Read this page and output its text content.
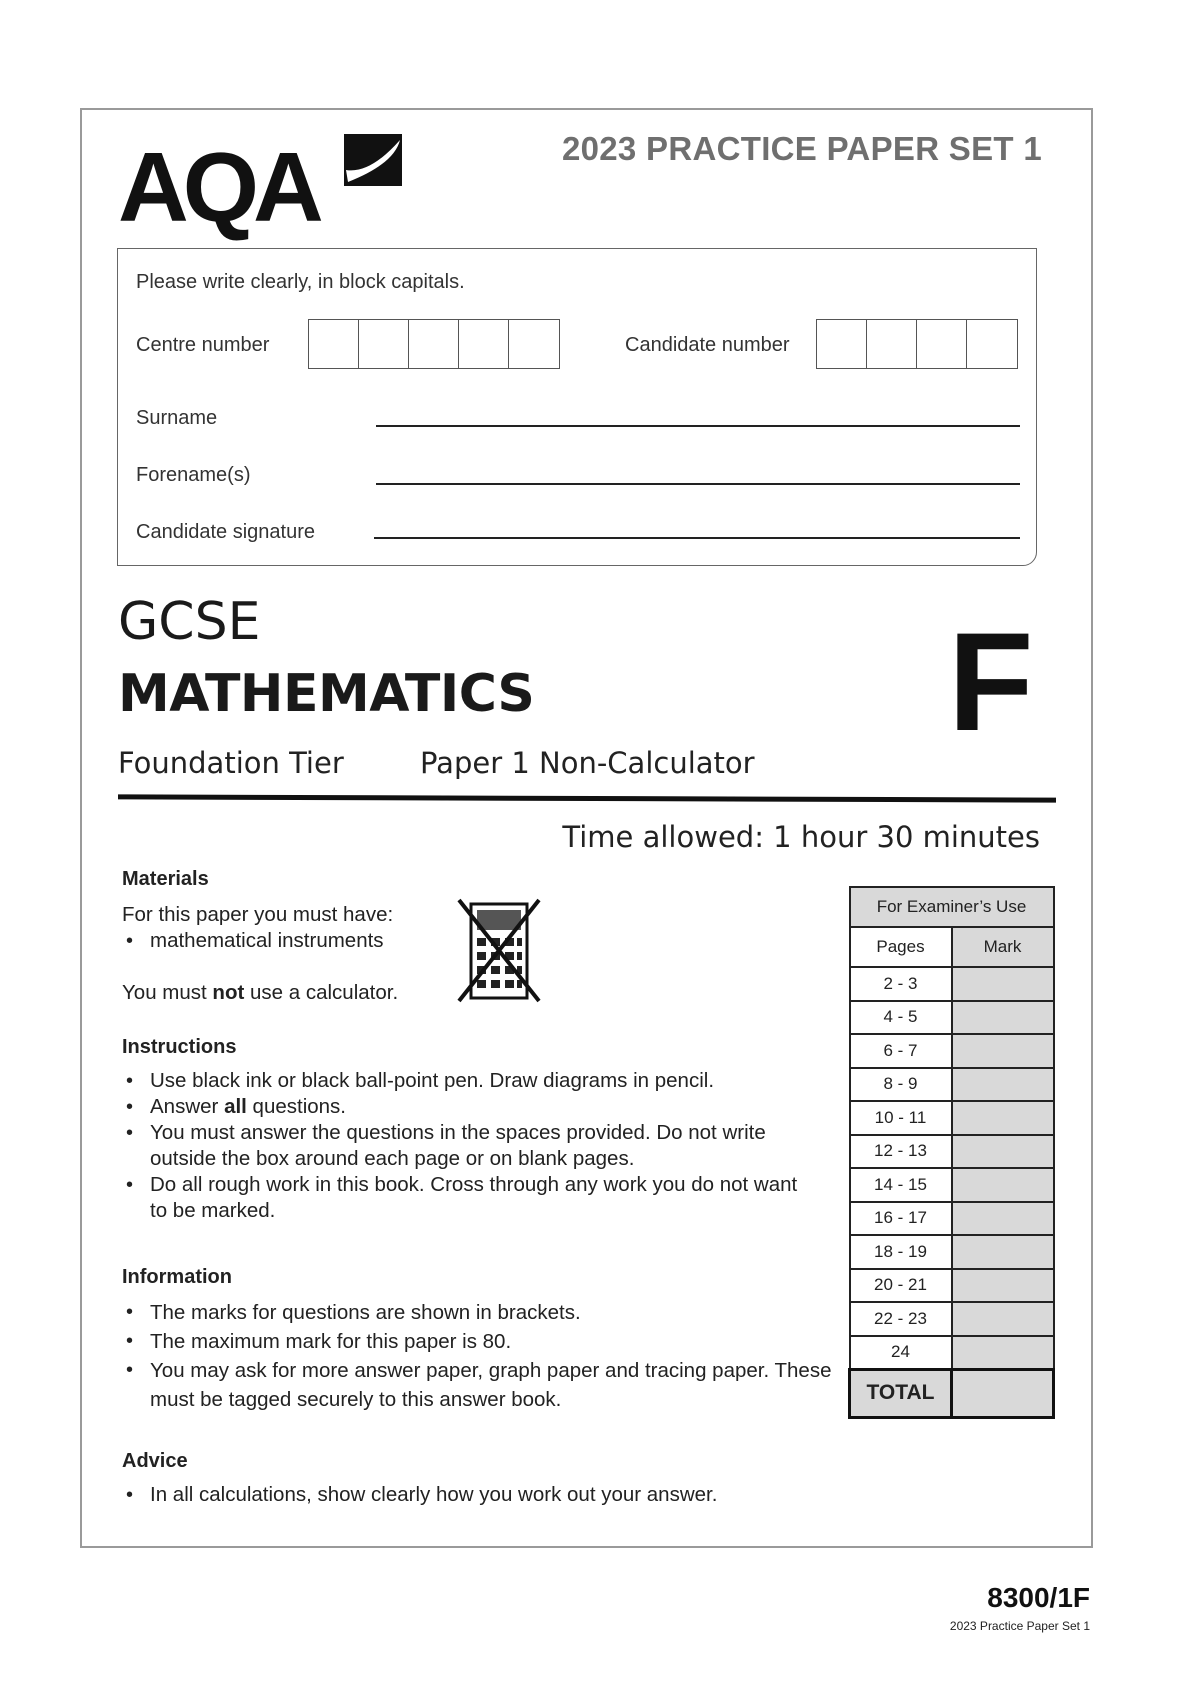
AQA	2023 PRACTICE PAPER SET 1
Please write clearly, in block capitals.
Centre number	Candidate number
Surname
Forename(s)
Candidate signature
GCSE
MATHEMATICS	F
Foundation Tier	Paper 1 Non-Calculator
Time allowed: 1 hour 30 minutes
Materials
For this paper you must have:
• mathematical instruments
You must not use a calculator.
Instructions
• Use black ink or black ball-point pen. Draw diagrams in pencil.
• Answer all questions.
• You must answer the questions in the spaces provided. Do not write outside the box around each page or on blank pages.
• Do all rough work in this book. Cross through any work you do not want to be marked.
Information
• The marks for questions are shown in brackets.
• The maximum mark for this paper is 80.
• You may ask for more answer paper, graph paper and tracing paper. These must be tagged securely to this answer book.
Advice
• In all calculations, show clearly how you work out your answer.
For Examiner’s Use	
Pages	Mark
2 - 3	
4 - 5	
6 - 7	
8 - 9	
10 - 11	
12 - 13	
14 - 15	
16 - 17	
18 - 19	
20 - 21	
22 - 23	
24	
TOTAL	
8300/1F
2023 Practice Paper Set 1
